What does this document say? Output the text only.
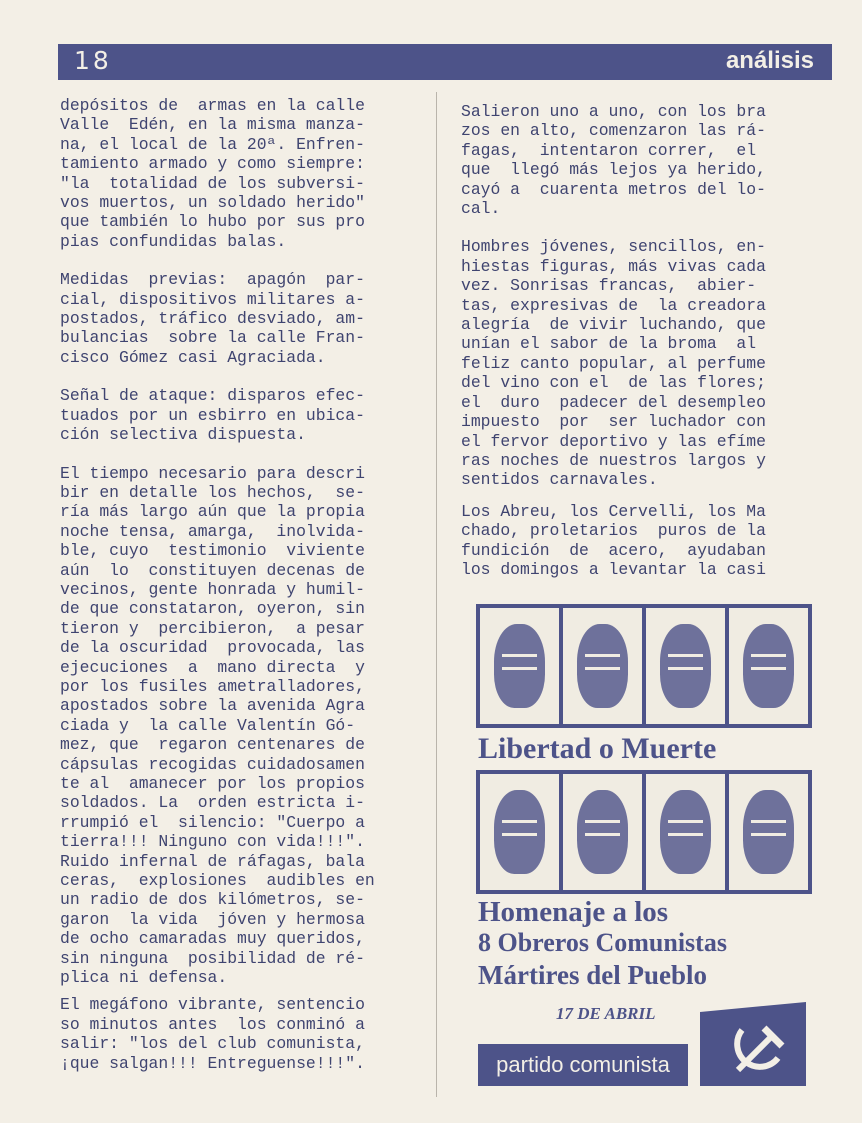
18	análisis

depósitos de  armas en la calle
Valle  Edén, en la misma manza-
na, el local de la 20ª. Enfren-
tamiento armado y como siempre:
"la  totalidad de los subversi-
vos muertos, un soldado herido"
que también lo hubo por sus pro
pias confundidas balas.

Medidas  previas:  apagón  par-
cial, dispositivos militares a-
postados, tráfico desviado, am-
bulancias  sobre la calle Fran-
cisco Gómez casi Agraciada.

Señal de ataque: disparos efec-
tuados por un esbirro en ubica-
ción selectiva dispuesta.

El tiempo necesario para descri
bir en detalle los hechos,  se-
ría más largo aún que la propia
noche tensa, amarga,  inolvida-
ble, cuyo  testimonio  viviente
aún  lo  constituyen decenas de
vecinos, gente honrada y humil-
de que constataron, oyeron, sin
tieron y  percibieron,  a pesar
de la oscuridad  provocada, las
ejecuciones  a  mano directa  y
por los fusiles ametralladores,
apostados sobre la avenida Agra
ciada y  la calle Valentín Gó-
mez, que  regaron centenares de
cápsulas recogidas cuidadosamen
te al  amanecer por los propios
soldados. La  orden estricta i-
rrumpió el  silencio: "Cuerpo a
tierra!!! Ninguno con vida!!!".
Ruido infernal de ráfagas, bala
ceras,  explosiones  audibles en
un radio de dos kilómetros, se-
garon  la vida  jóven y hermosa
de ocho camaradas muy queridos,
sin ninguna  posibilidad de ré-
plica ni defensa.

El megáfono vibrante, sentencio
so minutos antes  los conminó a
salir: "los del club comunista,
¡que salgan!!! Entreguense!!!".

Salieron uno a uno, con los bra
zos en alto, comenzaron las rá-
fagas,  intentaron correr,  el
que  llegó más lejos ya herido,
cayó a  cuarenta metros del lo-
cal.

Hombres jóvenes, sencillos, en-
hiestas figuras, más vivas cada
vez. Sonrisas francas,  abier-
tas, expresivas de  la creadora
alegría  de vivir luchando, que
unían el sabor de la broma  al
feliz canto popular, al perfume
del vino con el  de las flores;
el  duro  padecer del desempleo
impuesto  por  ser luchador con
el fervor deportivo y las efíme
ras noches de nuestros largos y
sentidos carnavales.

Los Abreu, los Cervelli, los Ma
chado, proletarios  puros de la
fundición  de  acero,  ayudaban
los domingos a levantar la casi

Libertad o Muerte
Homenaje a los
8 Obreros Comunistas
Mártires del Pueblo
17 DE ABRIL
partido comunista
